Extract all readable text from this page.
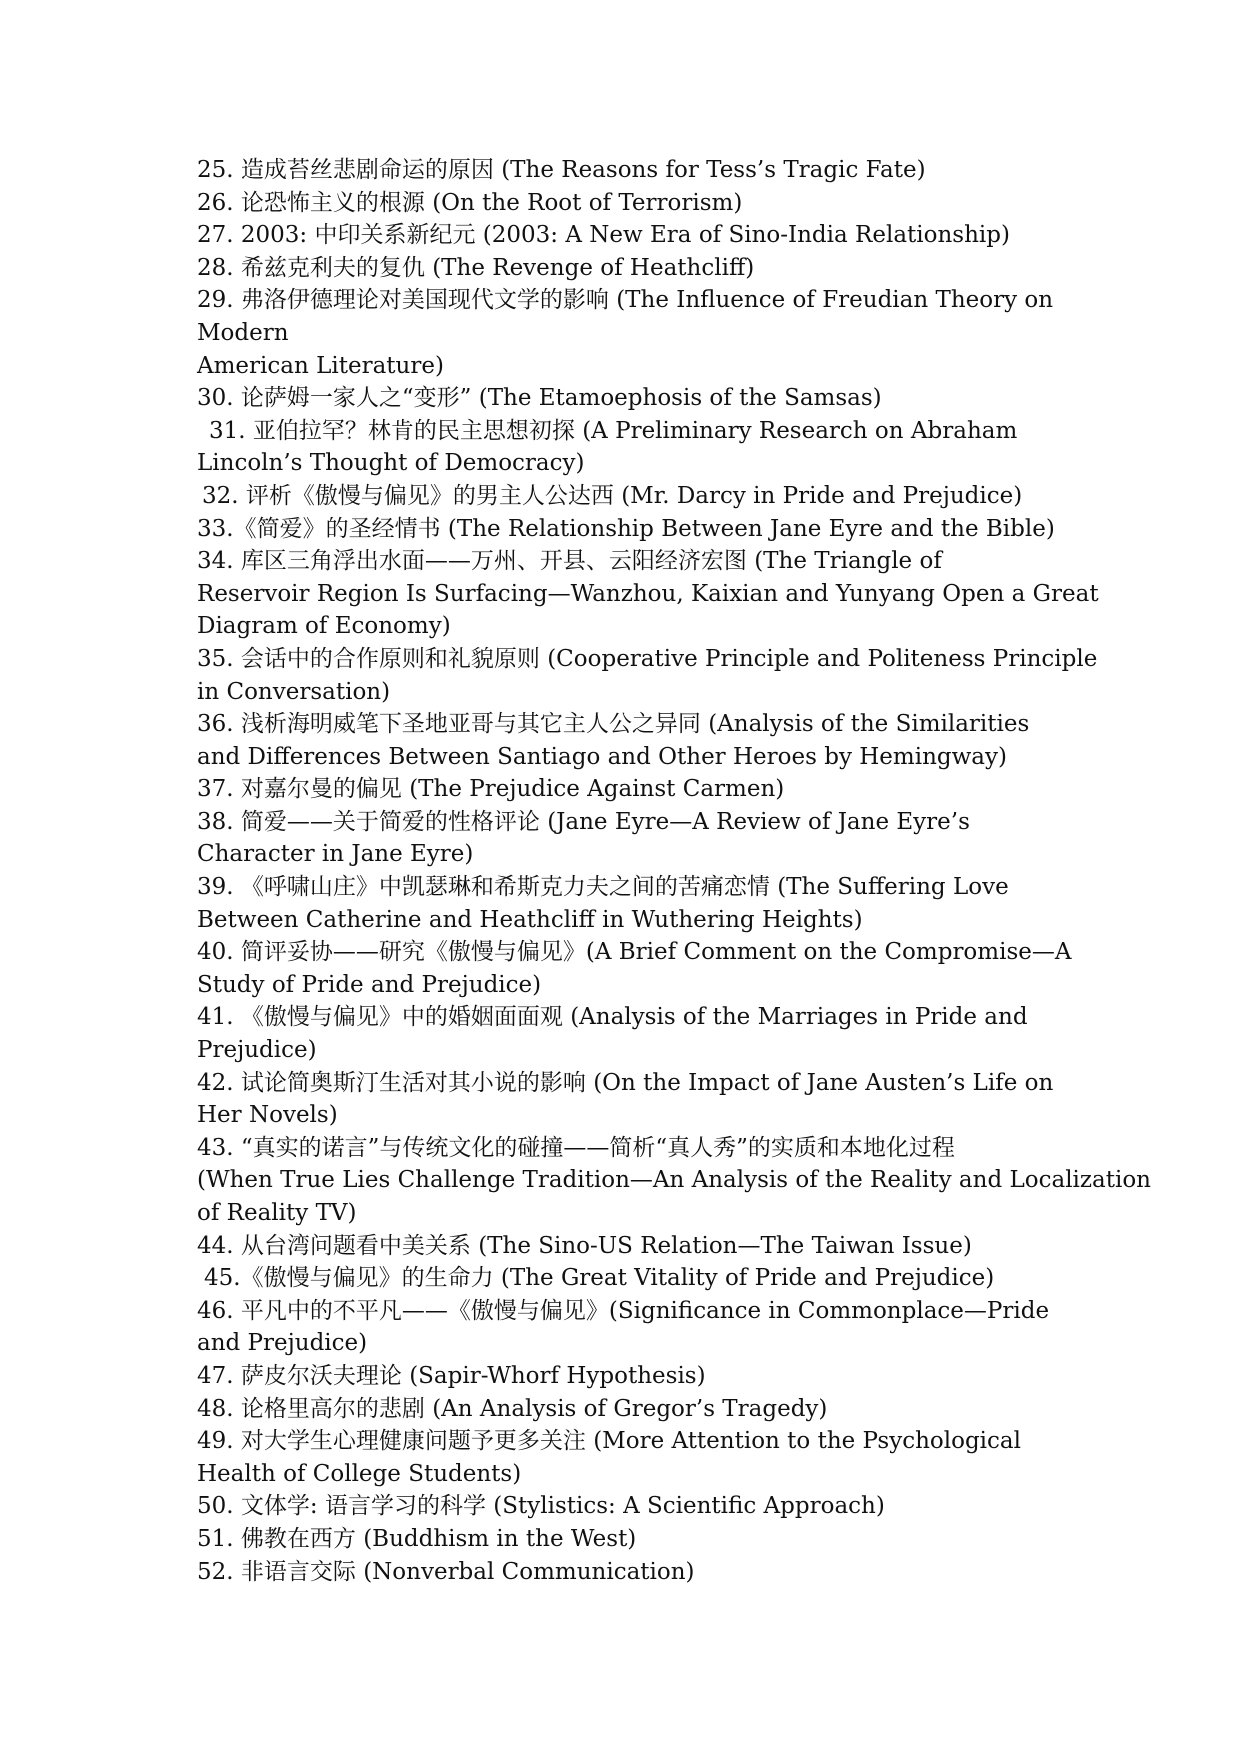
25. 造成苔丝悲剧命运的原因 (The Reasons for Tess’s Tragic Fate)
26. 论恐怖主义的根源 (On the Root of Terrorism)
27. 2003: 中印关系新纪元 (2003: A New Era of Sino-India Relationship)
28. 希兹克利夫的复仇 (The Revenge of Heathcliff)
29. 弗洛伊德理论对美国现代文学的影响 (The Influence of Freudian Theory on
Modern
American Literature)
30. 论萨姆一家人之“变形” (The Etamoephosis of the Samsas)
31. 亚伯拉罕？林肯的民主思想初探 (A Preliminary Research on Abraham
Lincoln’s Thought of Democracy)
32. 评析《傲慢与偏见》的男主人公达西 (Mr. Darcy in Pride and Prejudice)
33.《简爱》的圣经情书 (The Relationship Between Jane Eyre and the Bible)
34. 库区三角浮出水面——万州、开县、云阳经济宏图 (The Triangle of
Reservoir Region Is Surfacing—Wanzhou, Kaixian and Yunyang Open a Great
Diagram of Economy)
35. 会话中的合作原则和礼貌原则 (Cooperative Principle and Politeness Principle
in Conversation)
36. 浅析海明威笔下圣地亚哥与其它主人公之异同 (Analysis of the Similarities
and Differences Between Santiago and Other Heroes by Hemingway)
37. 对嘉尔曼的偏见 (The Prejudice Against Carmen)
38. 简爱——关于简爱的性格评论 (Jane Eyre—A Review of Jane Eyre’s
Character in Jane Eyre)
39. 《呼啸山庄》中凯瑟琳和希斯克力夫之间的苦痛恋情 (The Suffering Love
Between Catherine and Heathcliff in Wuthering Heights)
40. 简评妥协——研究《傲慢与偏见》(A Brief Comment on the Compromise—A
Study of Pride and Prejudice)
41. 《傲慢与偏见》中的婚姻面面观 (Analysis of the Marriages in Pride and
Prejudice)
42. 试论简奥斯汀生活对其小说的影响 (On the Impact of Jane Austen’s Life on
Her Novels)
43. “真实的诺言”与传统文化的碰撞——简析“真人秀”的实质和本地化过程
(When True Lies Challenge Tradition—An Analysis of the Reality and Localization
of Reality TV)
44. 从台湾问题看中美关系 (The Sino-US Relation—The Taiwan Issue)
45.《傲慢与偏见》的生命力 (The Great Vitality of Pride and Prejudice)
46. 平凡中的不平凡——《傲慢与偏见》(Significance in Commonplace—Pride
and Prejudice)
47. 萨皮尔沃夫理论 (Sapir-Whorf Hypothesis)
48. 论格里高尔的悲剧 (An Analysis of Gregor’s Tragedy)
49. 对大学生心理健康问题予更多关注 (More Attention to the Psychological
Health of College Students)
50. 文体学: 语言学习的科学 (Stylistics: A Scientific Approach)
51. 佛教在西方 (Buddhism in the West)
52. 非语言交际 (Nonverbal Communication)
